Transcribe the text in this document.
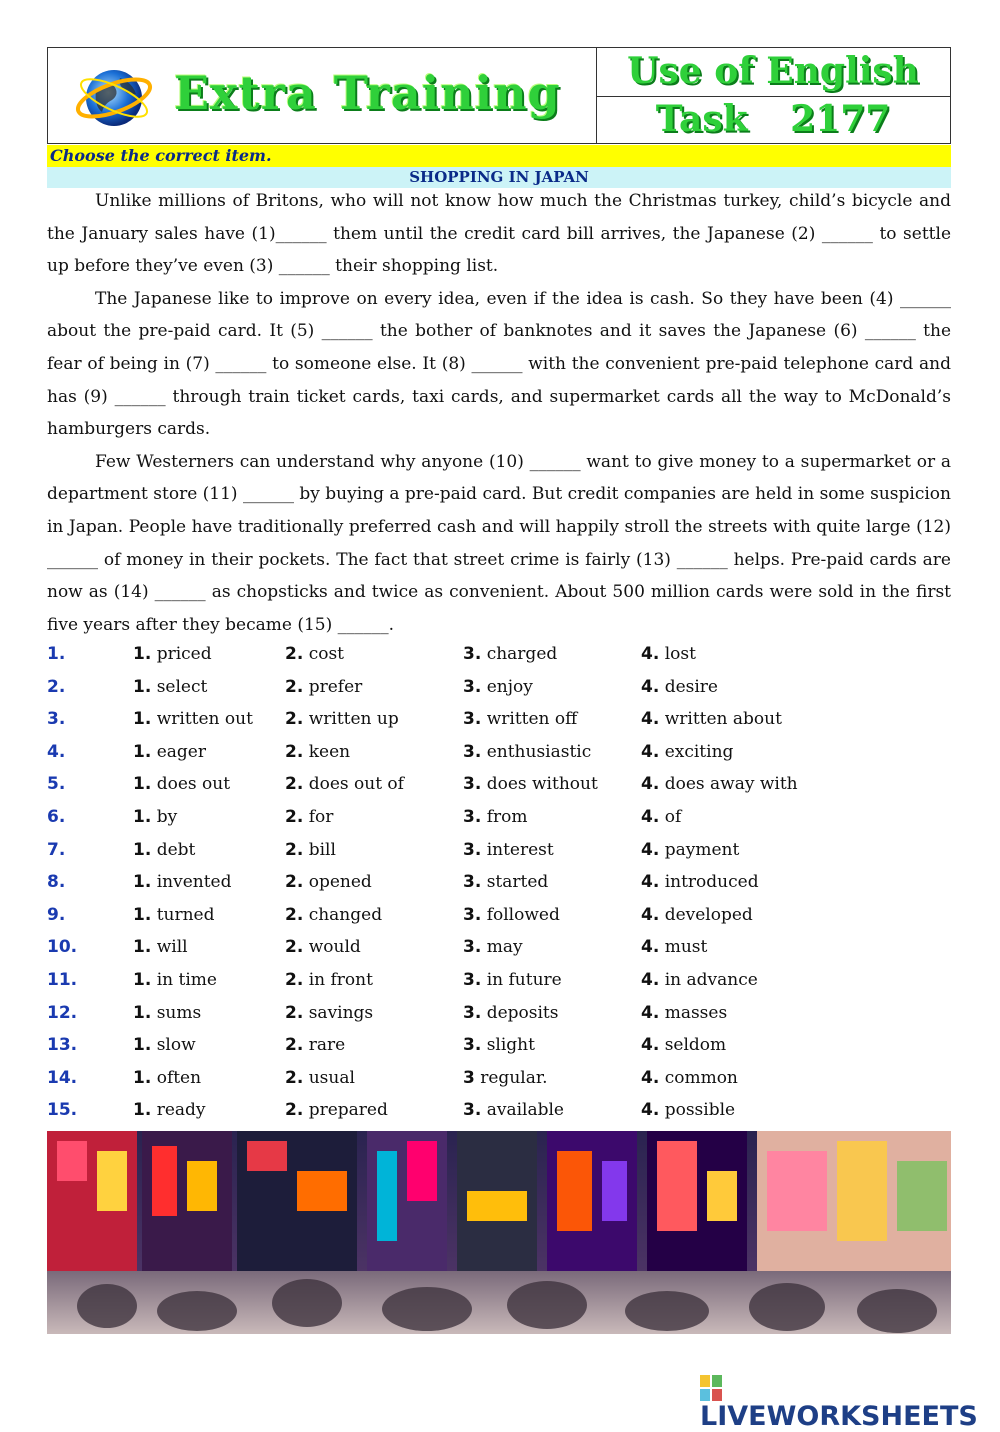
Extra Training	Use of English
Task 2177
Choose the correct item.
SHOPPING IN JAPAN

Unlike millions of Britons, who will not know how much the Christmas turkey, child’s bicycle and the January sales have (1)______ them until the credit card bill arrives, the Japanese (2) ______ to settle up before they’ve even (3) ______ their shopping list.

The Japanese like to improve on every idea, even if the idea is cash. So they have been (4) ______ about the pre-paid card. It (5) ______ the bother of banknotes and it saves the Japanese (6) ______ the fear of being in (7) ______ to someone else. It (8) ______ with the convenient pre-paid telephone card and has (9) ______ through train ticket cards, taxi cards, and supermarket cards all the way to McDonald’s hamburgers cards.

Few Westerners can understand why anyone (10) ______ want to give money to a supermarket or a department store (11) ______ by buying a pre-paid card. But credit companies are held in some suspicion in Japan. People have traditionally preferred cash and will happily stroll the streets with quite large (12) ______ of money in their pockets. The fact that street crime is fairly (13) ______ helps. Pre-paid cards are now as (14) ______ as chopsticks and twice as convenient. About 500 million cards were sold in the first five years after they became (15) ______.

1.	1. priced	2. cost	3. charged	4. lost
2.	1. select	2. prefer	3. enjoy	4. desire
3.	1. written out 2. written up	3. written off	4. written about
4.	1. eager	2. keen	3. enthusiastic	4. exciting
5.	1. does out	2. does out of	3. does without	4. does away with
6.	1. by	2. for	3. from	4. of
7.	1. debt	2. bill	3. interest	4. payment
8.	1. invented	2. opened	3. started	4. introduced
9.	1. turned	2. changed	3. followed	4. developed
10.	1. will	2. would	3. may	4. must
11.	1. in time	2. in front	3. in future	4. in advance
12.	1. sums	2. savings	3. deposits	4. masses
13.	1. slow	2. rare	3. slight	4. seldom
14.	1. often	2. usual	3 regular.	4. common
15.	1. ready	2. prepared	3. available	4. possible
LIVEWORKSHEETS
